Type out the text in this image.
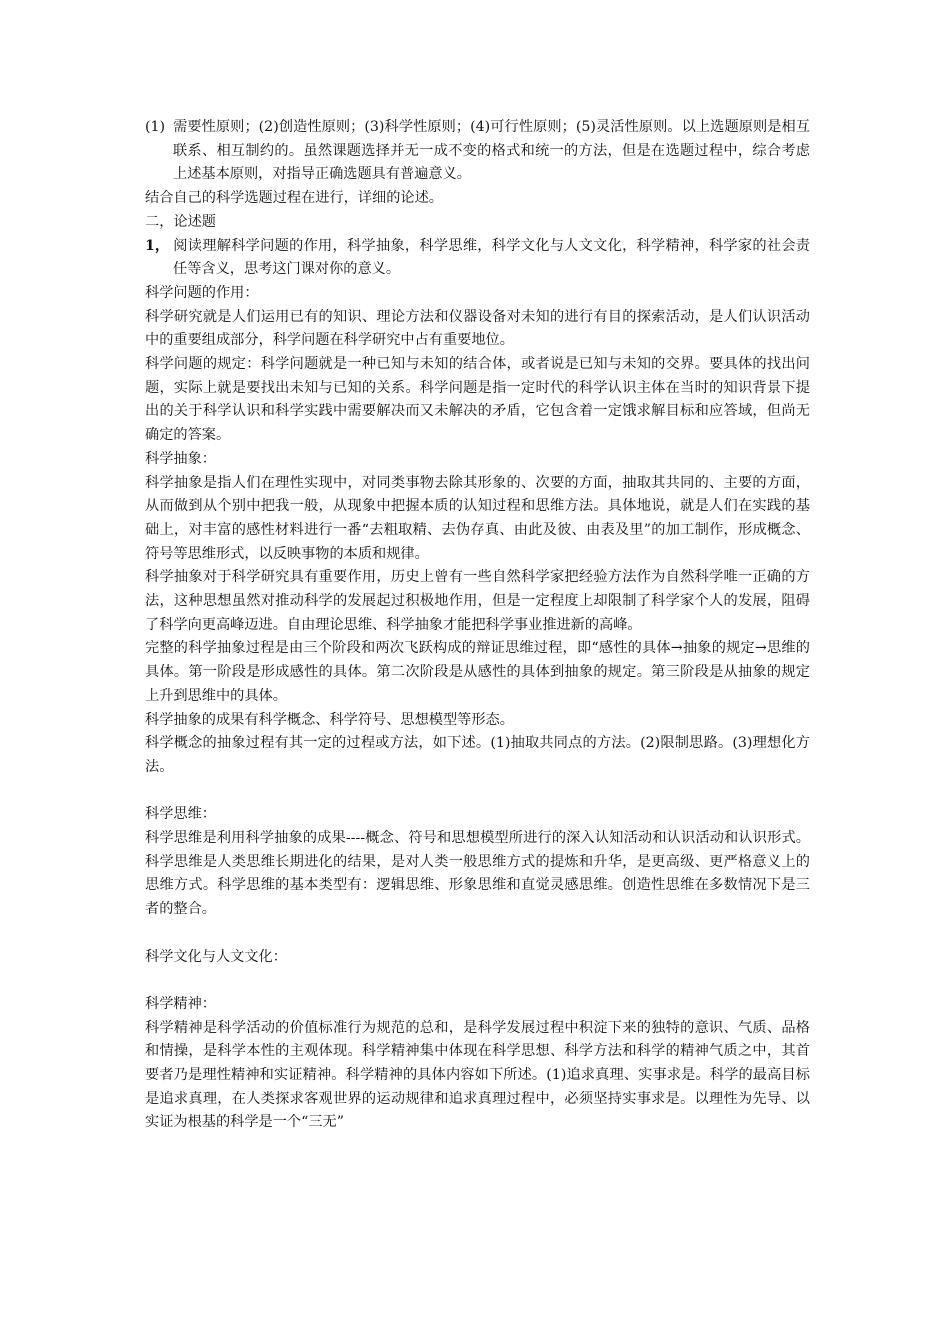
(1) 需要性原则；(2)创造性原则；(3)科学性原则；(4)可行性原则；(5)灵活性原则。以上选题原则是相互联系、相互制约的。虽然课题选择并无一成不变的格式和统一的方法，但是在选题过程中，综合考虑上述基本原则，对指导正确选题具有普遍意义。

结合自己的科学选题过程在进行，详细的论述。

二，论述题

1， 阅读理解科学问题的作用，科学抽象，科学思维，科学文化与人文文化，科学精神，科学家的社会责任等含义，思考这门课对你的意义。

科学问题的作用：

科学研究就是人们运用已有的知识、理论方法和仪器设备对未知的进行有目的探索活动，是人们认识活动中的重要组成部分，科学问题在科学研究中占有重要地位。

科学问题的规定：科学问题就是一种已知与未知的结合体，或者说是已知与未知的交界。要具体的找出问题，实际上就是要找出未知与已知的关系。科学问题是指一定时代的科学认识主体在当时的知识背景下提出的关于科学认识和科学实践中需要解决而又未解决的矛盾，它包含着一定饿求解目标和应答域，但尚无确定的答案。

科学抽象：

科学抽象是指人们在理性实现中，对同类事物去除其形象的、次要的方面，抽取其共同的、主要的方面，从而做到从个别中把我一般，从现象中把握本质的认知过程和思维方法。具体地说，就是人们在实践的基础上，对丰富的感性材料进行一番“去粗取精、去伪存真、由此及彼、由表及里”的加工制作，形成概念、符号等思维形式，以反映事物的本质和规律。

科学抽象对于科学研究具有重要作用，历史上曾有一些自然科学家把经验方法作为自然科学唯一正确的方法，这种思想虽然对推动科学的发展起过积极地作用，但是一定程度上却限制了科学家个人的发展，阻碍了科学向更高峰迈进。自由理论思维、科学抽象才能把科学事业推进新的高峰。

完整的科学抽象过程是由三个阶段和两次飞跃构成的辩证思维过程，即“感性的具体→抽象的规定→思维的具体。第一阶段是形成感性的具体。第二次阶段是从感性的具体到抽象的规定。第三阶段是从抽象的规定上升到思维中的具体。

科学抽象的成果有科学概念、科学符号、思想模型等形态。

科学概念的抽象过程有其一定的过程或方法，如下述。(1)抽取共同点的方法。(2)限制思路。(3)理想化方法。

科学思维：

科学思维是利用科学抽象的成果----概念、符号和思想模型所进行的深入认知活动和认识活动和认识形式。科学思维是人类思维长期进化的结果，是对人类一般思维方式的提炼和升华，是更高级、更严格意义上的思维方式。科学思维的基本类型有：逻辑思维、形象思维和直觉灵感思维。创造性思维在多数情况下是三者的整合。

科学文化与人文文化：

科学精神：

科学精神是科学活动的价值标准行为规范的总和，是科学发展过程中积淀下来的独特的意识、气质、品格和情操，是科学本性的主观体现。科学精神集中体现在科学思想、科学方法和科学的精神气质之中，其首要者乃是理性精神和实证精神。科学精神的具体内容如下所述。(1)追求真理、实事求是。科学的最高目标是追求真理，在人类探求客观世界的运动规律和追求真理过程中，必须坚持实事求是。以理性为先导、以实证为根基的科学是一个“三无”
